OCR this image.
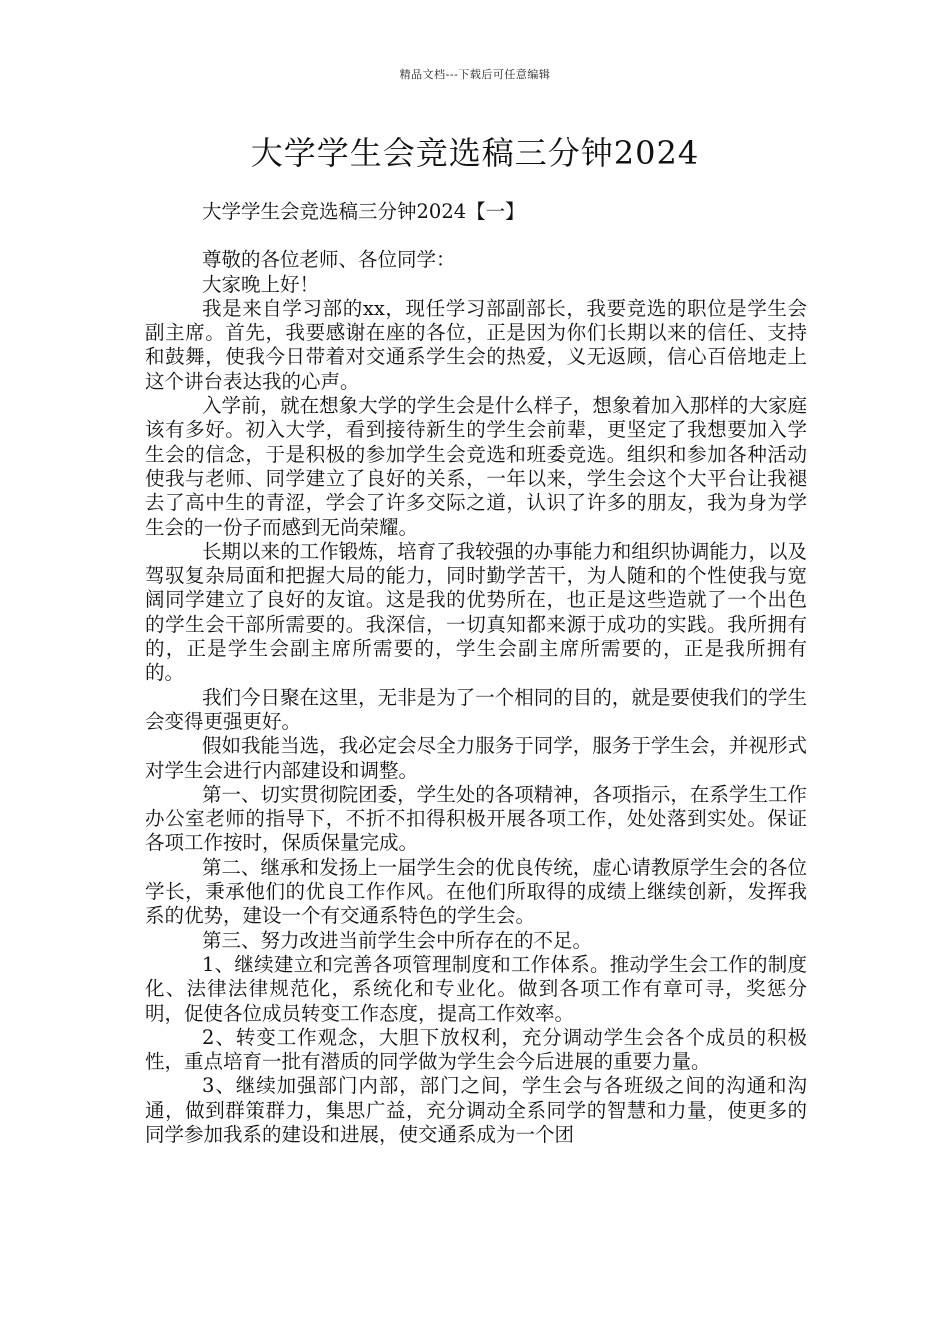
精品文档---下载后可任意编辑
大学学生会竞选稿三分钟2024

大学学生会竞选稿三分钟2024【一】

尊敬的各位老师、各位同学：

大家晚上好！

我是来自学习部的xx，现任学习部副部长，我要竞选的职位是学生会副主席。首先，我要感谢在座的各位，正是因为你们长期以来的信任、支持和鼓舞，使我今日带着对交通系学生会的热爱，义无返顾，信心百倍地走上这个讲台表达我的心声。

入学前，就在想象大学的学生会是什么样子，想象着加入那样的大家庭该有多好。初入大学，看到接待新生的学生会前辈，更坚定了我想要加入学生会的信念，于是积极的参加学生会竞选和班委竞选。组织和参加各种活动使我与老师、同学建立了良好的关系，一年以来，学生会这个大平台让我褪去了高中生的青涩，学会了许多交际之道，认识了许多的朋友，我为身为学生会的一份子而感到无尚荣耀。

长期以来的工作锻炼，培育了我较强的办事能力和组织协调能力，以及驾驭复杂局面和把握大局的能力，同时勤学苦干，为人随和的个性使我与宽阔同学建立了良好的友谊。这是我的优势所在，也正是这些造就了一个出色的学生会干部所需要的。我深信，一切真知都来源于成功的实践。我所拥有的，正是学生会副主席所需要的，学生会副主席所需要的，正是我所拥有的。

我们今日聚在这里，无非是为了一个相同的目的，就是要使我们的学生会变得更强更好。

假如我能当选，我必定会尽全力服务于同学，服务于学生会，并视形式对学生会进行内部建设和调整。

第一、切实贯彻院团委，学生处的各项精神，各项指示，在系学生工作办公室老师的指导下，不折不扣得积极开展各项工作，处处落到实处。保证各项工作按时，保质保量完成。

第二、继承和发扬上一届学生会的优良传统，虚心请教原学生会的各位学长，秉承他们的优良工作作风。在他们所取得的成绩上继续创新，发挥我系的优势，建设一个有交通系特色的学生会。

第三、努力改进当前学生会中所存在的不足。

1、继续建立和完善各项管理制度和工作体系。推动学生会工作的制度化、法律法律规范化，系统化和专业化。做到各项工作有章可寻，奖惩分明，促使各位成员转变工作态度，提高工作效率。

2、转变工作观念，大胆下放权利，充分调动学生会各个成员的积极性，重点培育一批有潜质的同学做为学生会今后进展的重要力量。

3、继续加强部门内部，部门之间，学生会与各班级之间的沟通和沟通，做到群策群力，集思广益，充分调动全系同学的智慧和力量，使更多的同学参加我系的建设和进展，使交通系成为一个团
